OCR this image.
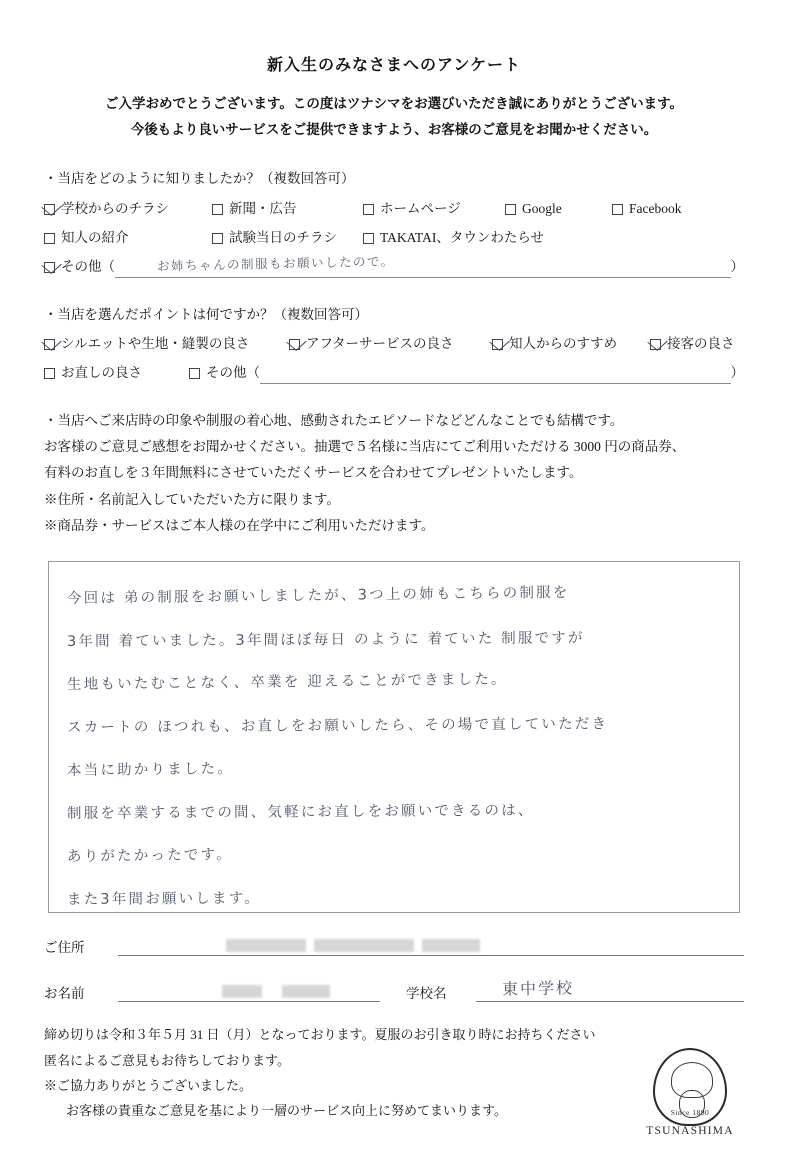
新入生のみなさまへのアンケート
ご入学おめでとうございます。この度はツナシマをお選びいただき誠にありがとうございます。
今後もより良いサービスをご提供できますよう、お客様のご意見をお聞かせください。
・当店をどのように知りましたか？（複数回答可）
学校からのチラシ	新聞・広告	ホームページ	Google	Facebook
知人の紹介	試験当日のチラシ	TAKATAI、タウンわたらせ
その他（	お姉ちゃんの制服もお願いしたので。	）
・当店を選んだポイントは何ですか？（複数回答可）
シルエットや生地・縫製の良さ	アフターサービスの良さ	知人からのすすめ	接客の良さ
お直しの良さ	その他（	）
・当店へご来店時の印象や制服の着心地、感動されたエピソードなどどんなことでも結構です。
お客様のご意見ご感想をお聞かせください。抽選で５名様に当店にてご利用いただける 3000 円の商品券、
有料のお直しを３年間無料にさせていただくサービスを合わせてプレゼントいたします。
※住所・名前記入していただいた方に限ります。
※商品券・サービスはご本人様の在学中にご利用いただけます。
今回は 弟の制服をお願いしましたが、3つ上の姉もこちらの制服を
3年間 着ていました。3年間ほぼ毎日 のように 着ていた 制服ですが
生地もいたむことなく、卒業を 迎えることができました。
スカートの ほつれも、お直しをお願いしたら、その場で直していただき
本当に助かりました。
制服を卒業するまでの間、気軽にお直しをお願いできるのは、
ありがたかったです。
また3年間お願いします。
ご住所
お名前	学校名	東中学校
締め切りは令和３年５月 31 日（月）となっております。夏服のお引き取り時にお持ちください
匿名によるご意見もお待ちしております。
※ご協力ありがとうございました。
お客様の貴重なご意見を基により一層のサービス向上に努めてまいります。	Since 1890
TSUNASHIMA
